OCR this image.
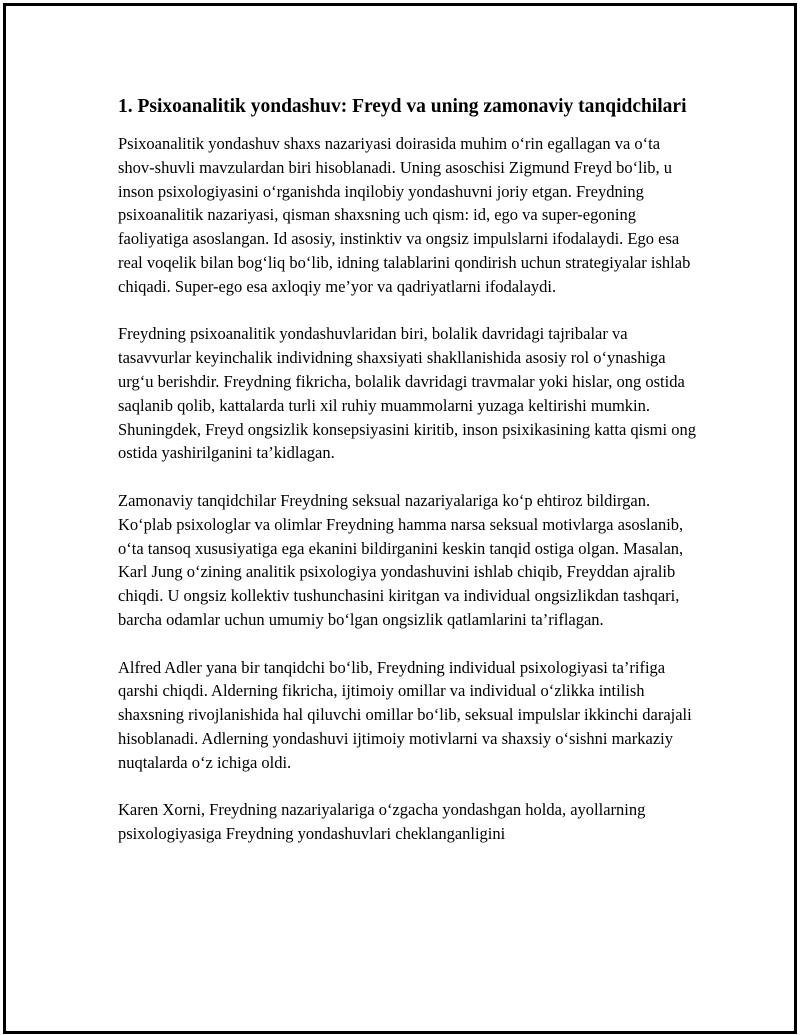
1. Psixoanalitik yondashuv: Freyd va uning zamonaviy tanqidchilari

Psixoanalitik yondashuv shaxs nazariyasi doirasida muhim o‘rin egallagan va o‘ta shov-shuvli mavzulardan biri hisoblanadi. Uning asoschisi Zigmund Freyd bo‘lib, u inson psixologiyasini o‘rganishda inqilobiy yondashuvni joriy etgan. Freydning psixoanalitik nazariyasi, qisman shaxsning uch qism: id, ego va super-egoning faoliyatiga asoslangan. Id asosiy, instinktiv va ongsiz impulslarni ifodalaydi. Ego esa real voqelik bilan bog‘liq bo‘lib, idning talablarini qondirish uchun strategiyalar ishlab chiqadi. Super-ego esa axloqiy me’yor va qadriyatlarni ifodalaydi.

Freydning psixoanalitik yondashuvlaridan biri, bolalik davridagi tajribalar va tasavvurlar keyinchalik individning shaxsiyati shakllanishida asosiy rol o‘ynashiga urg‘u berishdir. Freydning fikricha, bolalik davridagi travmalar yoki hislar, ong ostida saqlanib qolib, kattalarda turli xil ruhiy muammolarni yuzaga keltirishi mumkin. Shuningdek, Freyd ongsizlik konsepsiyasini kiritib, inson psixikasining katta qismi ong ostida yashirilganini ta’kidlagan.

Zamonaviy tanqidchilar Freydning seksual nazariyalariga ko‘p ehtiroz bildirgan. Ko‘plab psixologlar va olimlar Freydning hamma narsa seksual motivlarga asoslanib, o‘ta tansoq xususiyatiga ega ekanini bildirganini keskin tanqid ostiga olgan. Masalan, Karl Jung o‘zining analitik psixologiya yondashuvini ishlab chiqib, Freyddan ajralib chiqdi. U ongsiz kollektiv tushunchasini kiritgan va individual ongsizlikdan tashqari, barcha odamlar uchun umumiy bo‘lgan ongsizlik qatlamlarini ta’riflagan.

Alfred Adler yana bir tanqidchi bo‘lib, Freydning individual psixologiyasi ta’rifiga qarshi chiqdi. Alderning fikricha, ijtimoiy omillar va individual o‘zlikka intilish shaxsning rivojlanishida hal qiluvchi omillar bo‘lib, seksual impulslar ikkinchi darajali hisoblanadi. Adlerning yondashuvi ijtimoiy motivlarni va shaxsiy o‘sishni markaziy nuqtalarda o‘z ichiga oldi.

Karen Xorni, Freydning nazariyalariga o‘zgacha yondashgan holda, ayollarning psixologiyasiga Freydning yondashuvlari cheklanganligini
